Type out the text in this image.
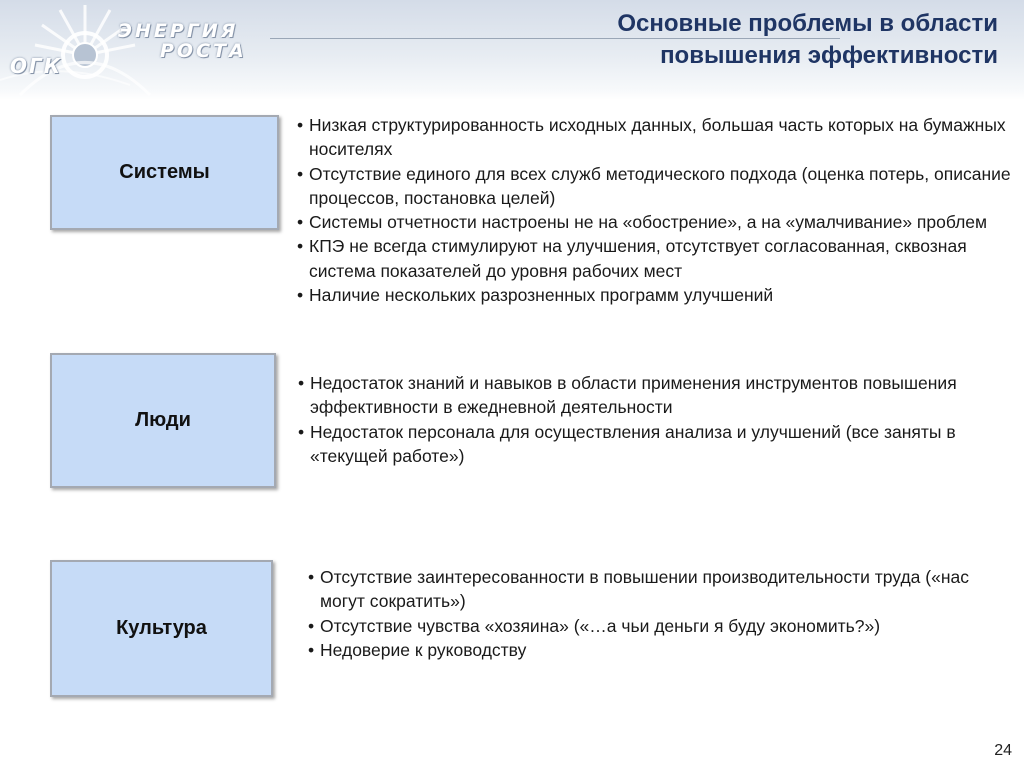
ЭНЕРГИЯ
РОСТА
ОГК
Основные проблемы в области
повышения эффективности
Системы
• Низкая структурированность исходных данных, большая часть которых на бумажных носителях
• Отсутствие единого для всех служб методического подхода (оценка потерь, описание процессов, постановка целей)
• Системы отчетности настроены не на «обострение», а на «умалчивание» проблем
• КПЭ не всегда стимулируют на улучшения, отсутствует согласованная, сквозная система показателей до уровня рабочих мест
• Наличие нескольких разрозненных программ улучшений
Люди
• Недостаток знаний и навыков в области применения инструментов повышения эффективности в ежедневной деятельности
• Недостаток персонала для осуществления анализа и улучшений (все заняты в «текущей работе»)
Культура
• Отсутствие заинтересованности в повышении производительности труда («нас могут сократить»)
• Отсутствие чувства «хозяина» («…а чьи деньги я буду экономить?»)
• Недоверие к руководству
24
